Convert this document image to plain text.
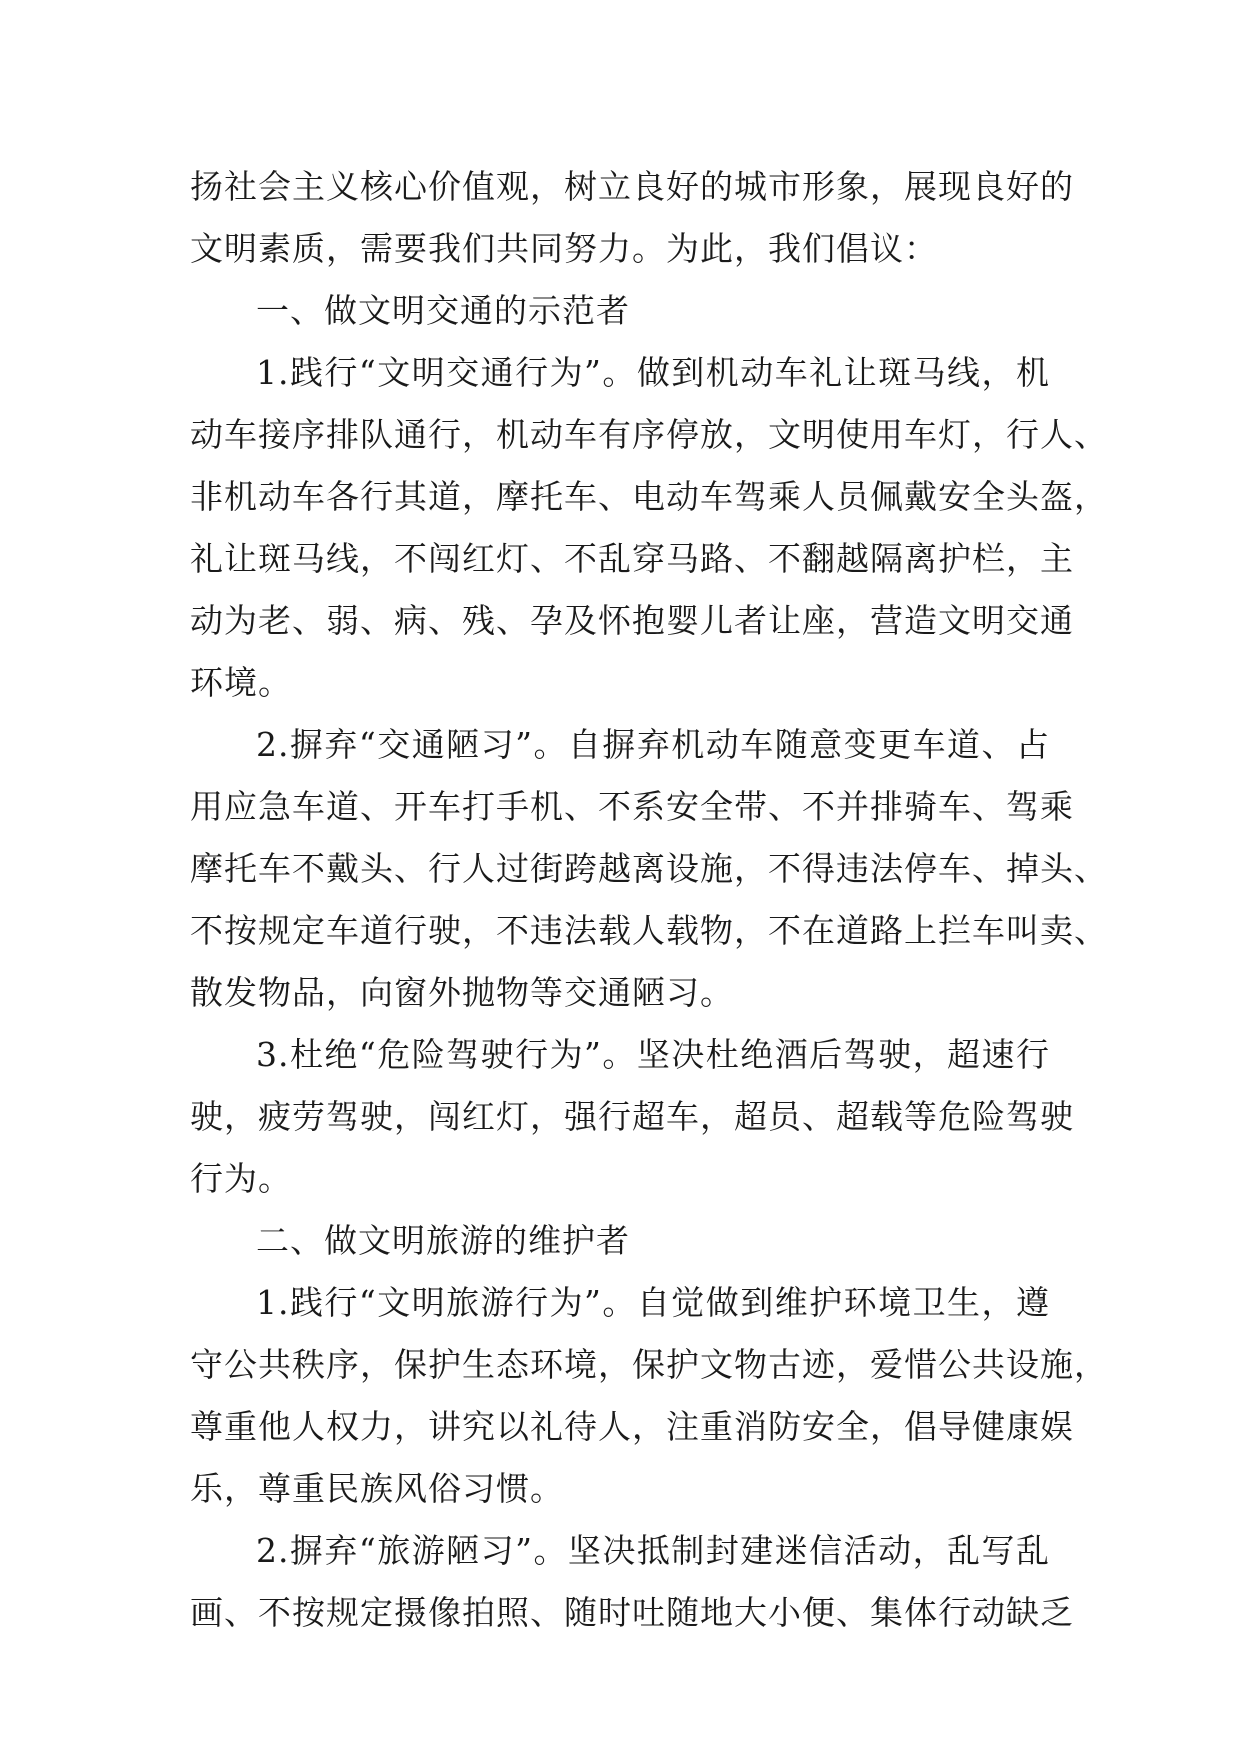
扬社会主义核心价值观，树立良好的城市形象，展现良好的
文明素质，需要我们共同努力。为此，我们倡议：
一、做文明交通的示范者
1.践行“文明交通行为”。做到机动车礼让斑马线，机
动车接序排队通行，机动车有序停放，文明使用车灯，行人、
非机动车各行其道，摩托车、电动车驾乘人员佩戴安全头盔，
礼让斑马线，不闯红灯、不乱穿马路、不翻越隔离护栏，主
动为老、弱、病、残、孕及怀抱婴儿者让座，营造文明交通
环境。
2.摒弃“交通陋习”。自摒弃机动车随意变更车道、占
用应急车道、开车打手机、不系安全带、不并排骑车、驾乘
摩托车不戴头、行人过街跨越离设施，不得违法停车、掉头、
不按规定车道行驶，不违法载人载物，不在道路上拦车叫卖、
散发物品，向窗外抛物等交通陋习。
3.杜绝“危险驾驶行为”。坚决杜绝酒后驾驶，超速行
驶，疲劳驾驶，闯红灯，强行超车，超员、超载等危险驾驶
行为。
二、做文明旅游的维护者
1.践行“文明旅游行为”。自觉做到维护环境卫生，遵
守公共秩序，保护生态环境，保护文物古迹，爱惜公共设施，
尊重他人权力，讲究以礼待人，注重消防安全，倡导健康娱
乐，尊重民族风俗习惯。
2.摒弃“旅游陋习”。坚决抵制封建迷信活动，乱写乱
画、不按规定摄像拍照、随时吐随地大小便、集体行动缺乏
